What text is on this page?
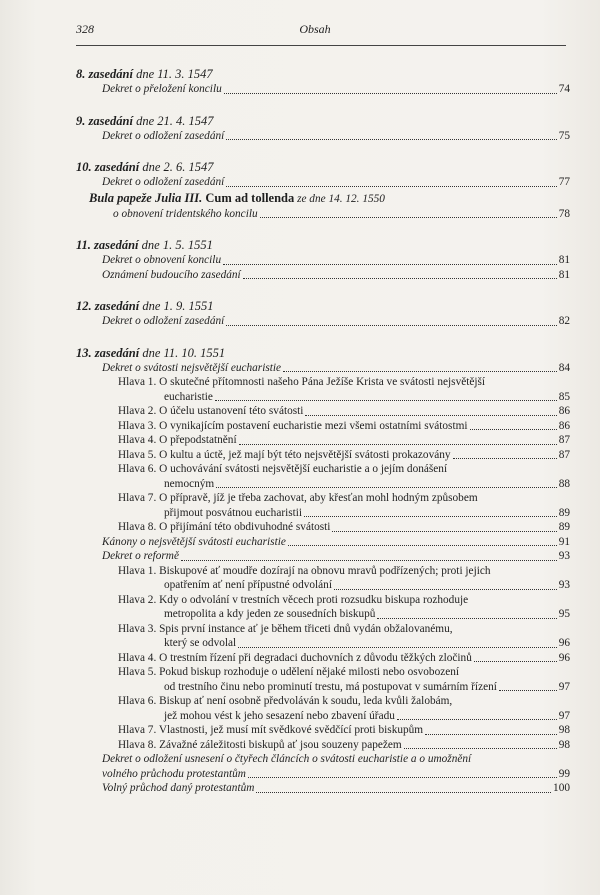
328	Obsah
8. zasedání dne 11. 3. 1547
Dekret o přeložení koncilu	74
9. zasedání dne 21. 4. 1547
Dekret o odložení zasedání	75
10. zasedání dne 2. 6. 1547
Dekret o odložení zasedání	77
Bula papeže Julia III. Cum ad tollenda ze dne 14. 12. 1550
o obnovení tridentského koncilu	78
11. zasedání dne 1. 5. 1551
Dekret o obnovení koncilu	81
Oznámení budoucího zasedání	81
12. zasedání dne 1. 9. 1551
Dekret o odložení zasedání	82
13. zasedání dne 11. 10. 1551
Dekret o svátosti nejsvětější eucharistie	84
Hlava 1. O skutečné přítomnosti našeho Pána Ježíše Krista ve svátosti nejsvětější
eucharistie	85
Hlava 2. O účelu ustanovení této svátosti	86
Hlava 3. O vynikajícím postavení eucharistie mezi všemi ostatními svátostmi	86
Hlava 4. O přepodstatnění	87
Hlava 5. O kultu a úctě, jež mají být této nejsvětější svátosti prokazovány	87
Hlava 6. O uchovávání svátosti nejsvětější eucharistie a o jejím donášení
nemocným	88
Hlava 7. O přípravě, jíž je třeba zachovat, aby křesťan mohl hodným způsobem
přijmout posvátnou eucharistii	89
Hlava 8. O přijímání této obdivuhodné svátosti	89
Kánony o nejsvětější svátosti eucharistie	91
Dekret o reformě	93
Hlava 1. Biskupové ať moudře dozírají na obnovu mravů podřízených; proti jejich
opatřením ať není přípustné odvolání	93
Hlava 2. Kdy o odvolání v trestních věcech proti rozsudku biskupa rozhoduje
metropolita a kdy jeden ze sousedních biskupů	95
Hlava 3. Spis první instance ať je během třiceti dnů vydán obžalovanému,
který se odvolal	96
Hlava 4. O trestním řízení při degradaci duchovních z důvodu těžkých zločinů	96
Hlava 5. Pokud biskup rozhoduje o udělení nějaké milosti nebo osvobození
od trestního činu nebo prominutí trestu, má postupovat v sumárním řízení	97
Hlava 6. Biskup ať není osobně předvoláván k soudu, leda kvůli žalobám,
jež mohou vést k jeho sesazení nebo zbavení úřadu	97
Hlava 7. Vlastnosti, jež musí mít svědkové svědčící proti biskupům	98
Hlava 8. Závažné záležitosti biskupů ať jsou souzeny papežem	98
Dekret o odložení usnesení o čtyřech článcích o svátosti eucharistie a o umožnění
volného průchodu protestantům	99
Volný průchod daný protestantům	100
